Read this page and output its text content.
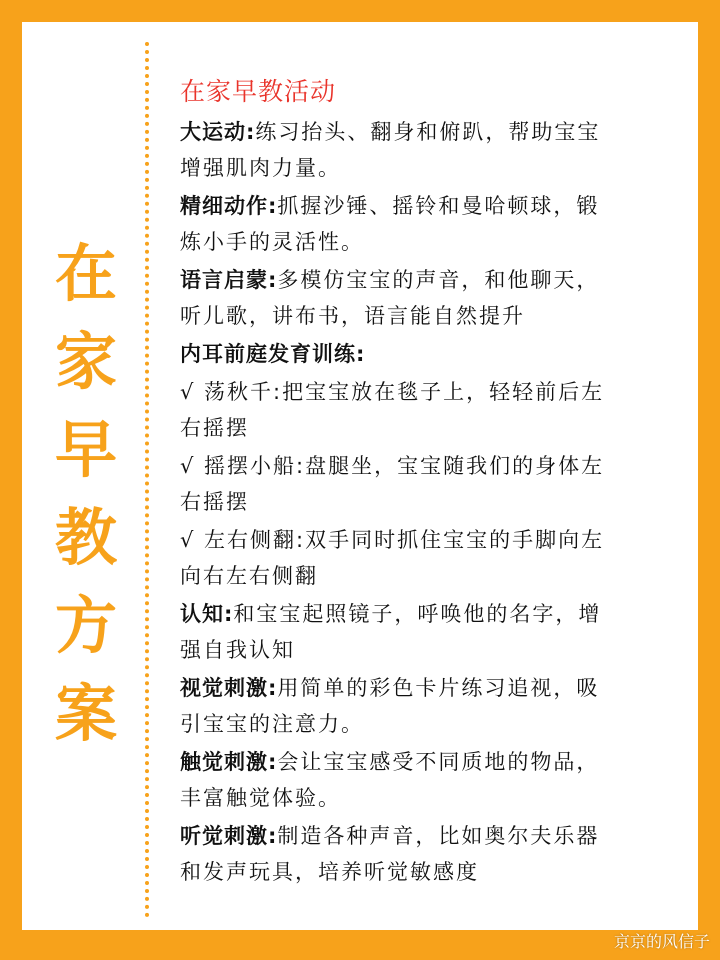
在
家
早
教
方
案
在家早教活动
大运动:练习抬头、翻身和俯趴，帮助宝宝
增强肌肉力量。
精细动作:抓握沙锤、摇铃和曼哈顿球，锻
炼小手的灵活性。
语言启蒙:多模仿宝宝的声音，和他聊天，
听儿歌，讲布书，语言能自然提升
内耳前庭发育训练:
√ 荡秋千:把宝宝放在毯子上，轻轻前后左
右摇摆
√ 摇摆小船:盘腿坐，宝宝随我们的身体左
右摇摆
√ 左右侧翻:双手同时抓住宝宝的手脚向左
向右左右侧翻
认知:和宝宝起照镜子，呼唤他的名字，增
强自我认知
视觉刺激:用简单的彩色卡片练习追视，吸
引宝宝的注意力。
触觉刺激:会让宝宝感受不同质地的物品，
丰富触觉体验。
听觉刺激:制造各种声音，比如奥尔夫乐器
和发声玩具，培养听觉敏感度
京京的风信子
